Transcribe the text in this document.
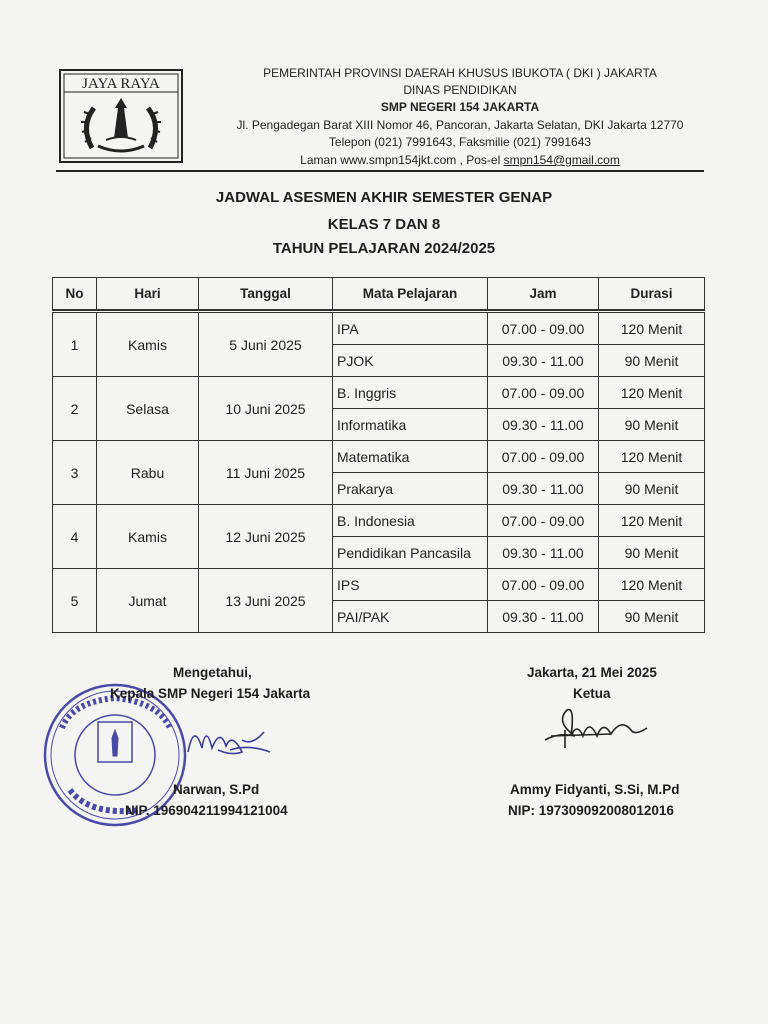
JAYA RAYA
PEMERINTAH PROVINSI DAERAH KHUSUS IBUKOTA ( DKI ) JAKARTA
DINAS PENDIDIKAN
SMP NEGERI 154 JAKARTA
Jl. Pengadegan Barat XIII Nomor 46, Pancoran, Jakarta Selatan, DKI Jakarta 12770
Telepon (021) 7991643, Faksmilie (021) 7991643
Laman www.smpn154jkt.com , Pos-el smpn154@gmail.com
JADWAL ASESMEN AKHIR SEMESTER GENAP
KELAS 7 DAN 8
TAHUN PELAJARAN 2024/2025
No	Hari	Tanggal	Mata Pelajaran	Jam	Durasi

1	Kamis	5 Juni 2025	IPA	07.00 - 09.00	120 Menit
			PJOK	09.30 - 11.00	90 Menit
2	Selasa	10 Juni 2025	B. Inggris	07.00 - 09.00	120 Menit
			Informatika	09.30 - 11.00	90 Menit
3	Rabu	11 Juni 2025	Matematika	07.00 - 09.00	120 Menit
			Prakarya	09.30 - 11.00	90 Menit
4	Kamis	12 Juni 2025	B. Indonesia	07.00 - 09.00	120 Menit
			Pendidikan Pancasila	09.30 - 11.00	90 Menit
5	Jumat	13 Juni 2025	IPS	07.00 - 09.00	120 Menit
			PAI/PAK	09.30 - 11.00	90 Menit
Mengetahui,
Kepala SMP Negeri 154 Jakarta
Narwan, S.Pd
NIP. 196904211994121004
Jakarta, 21 Mei 2025
Ketua
Ammy Fidyanti, S.Si, M.Pd
NIP: 197309092008012016
